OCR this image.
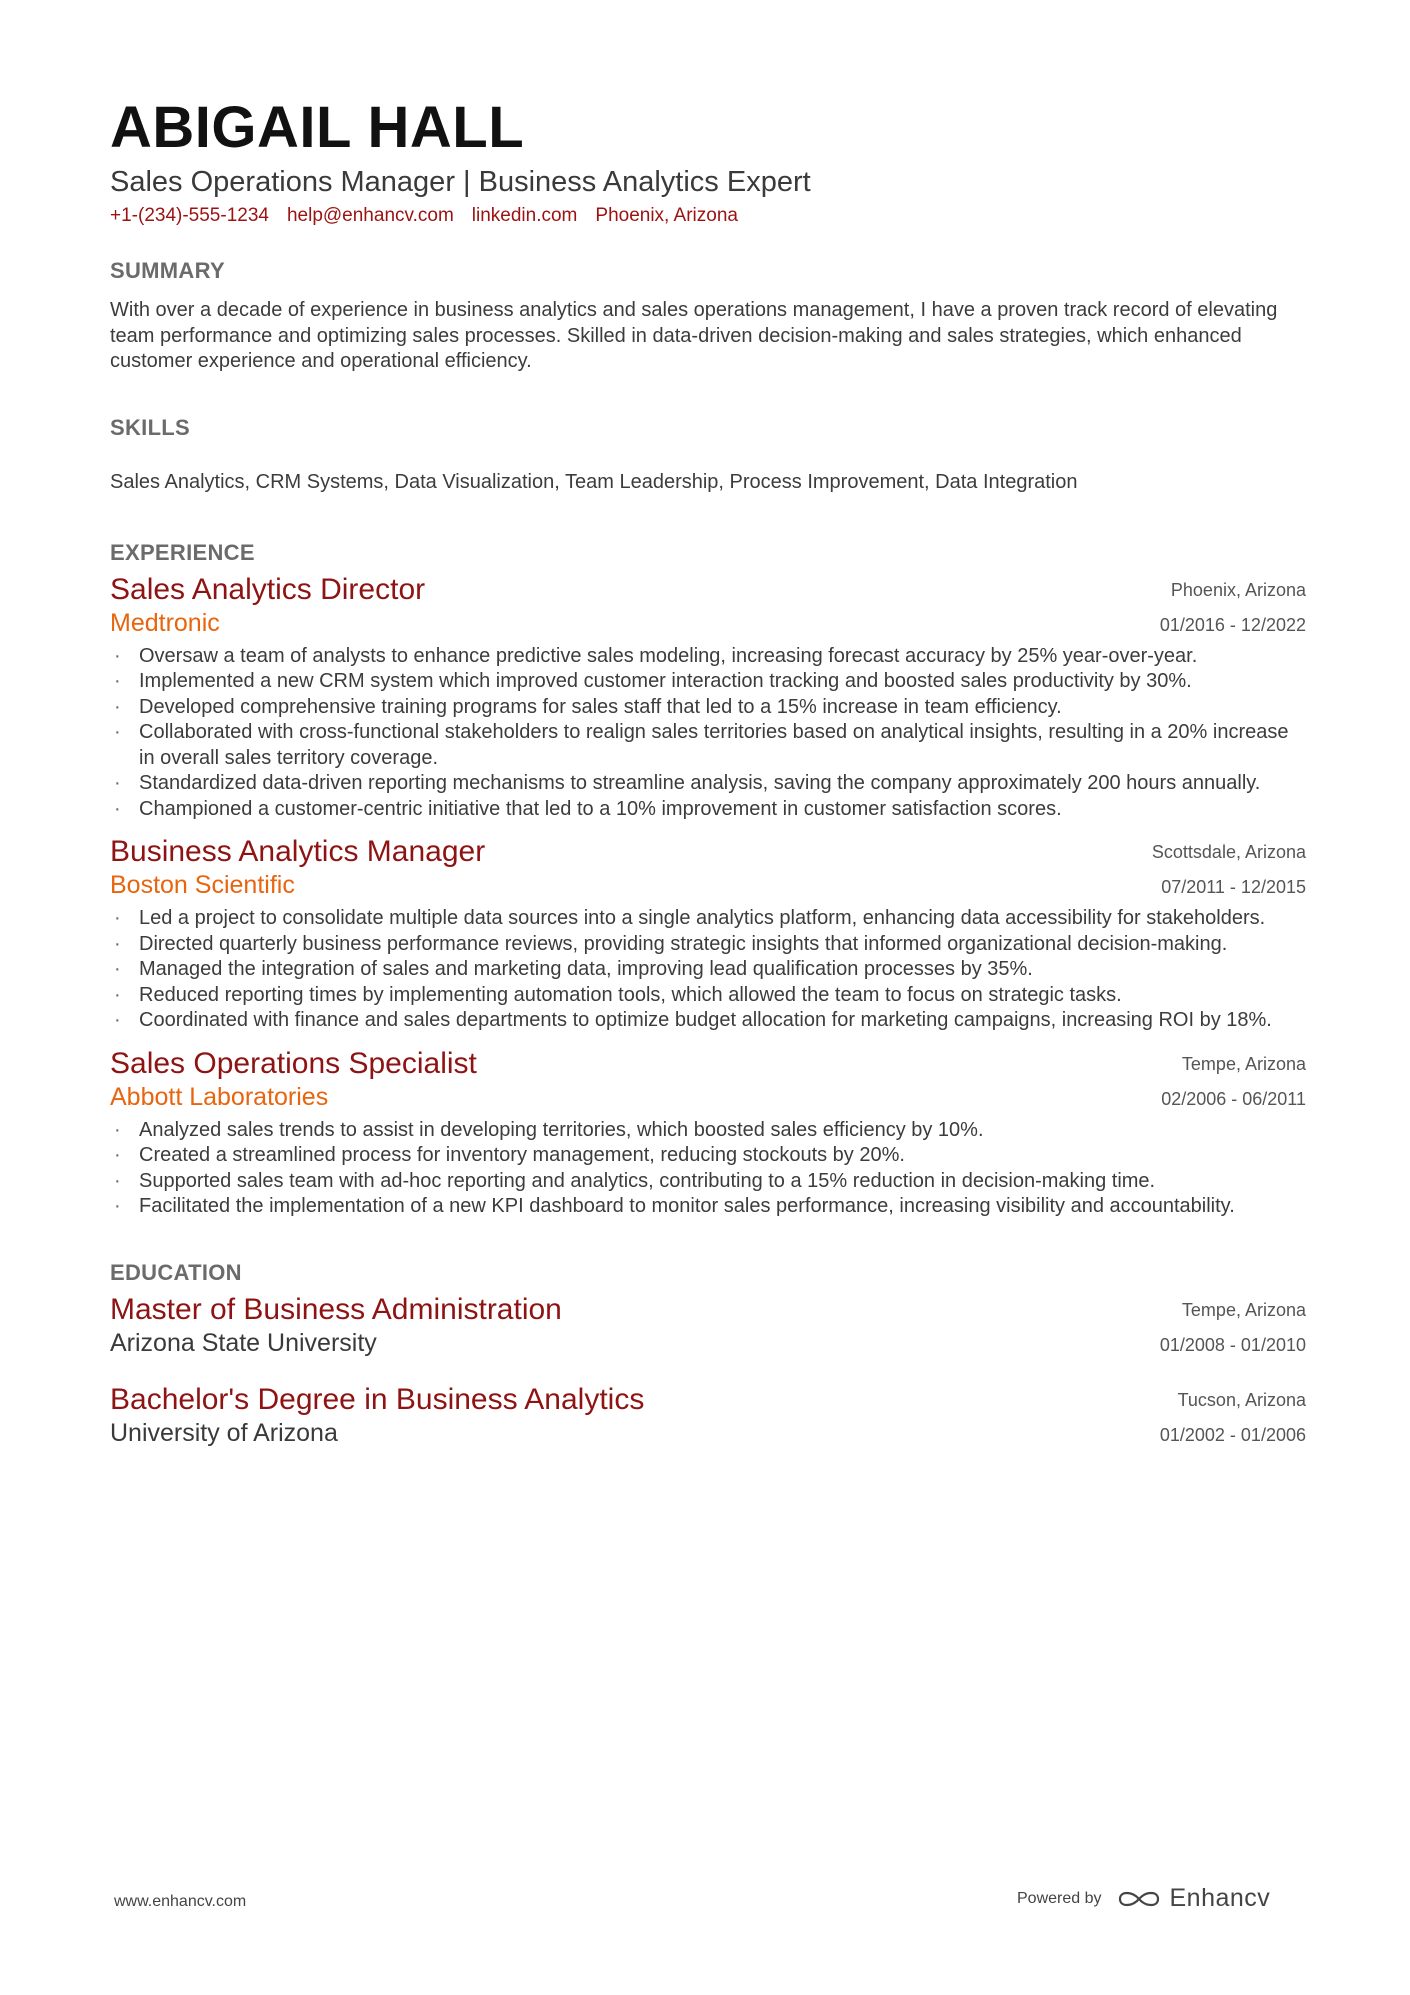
ABIGAIL HALL
Sales Operations Manager | Business Analytics Expert
+1-(234)-555-1234 help@enhancv.com linkedin.com Phoenix, Arizona
SUMMARY
With over a decade of experience in business analytics and sales operations management, I have a proven track record of elevating team performance and optimizing sales processes. Skilled in data-driven decision-making and sales strategies, which enhanced customer experience and operational efficiency.
SKILLS
Sales Analytics, CRM Systems, Data Visualization, Team Leadership, Process Improvement, Data Integration
EXPERIENCE
Sales Analytics Director
Medtronic
Phoenix, Arizona
01/2016 - 12/2022
· Oversaw a team of analysts to enhance predictive sales modeling, increasing forecast accuracy by 25% year-over-year.
· Implemented a new CRM system which improved customer interaction tracking and boosted sales productivity by 30%.
· Developed comprehensive training programs for sales staff that led to a 15% increase in team efficiency.
· Collaborated with cross-functional stakeholders to realign sales territories based on analytical insights, resulting in a 20% increase in overall sales territory coverage.
· Standardized data-driven reporting mechanisms to streamline analysis, saving the company approximately 200 hours annually.
· Championed a customer-centric initiative that led to a 10% improvement in customer satisfaction scores.
Business Analytics Manager
Boston Scientific
Scottsdale, Arizona
07/2011 - 12/2015
· Led a project to consolidate multiple data sources into a single analytics platform, enhancing data accessibility for stakeholders.
· Directed quarterly business performance reviews, providing strategic insights that informed organizational decision-making.
· Managed the integration of sales and marketing data, improving lead qualification processes by 35%.
· Reduced reporting times by implementing automation tools, which allowed the team to focus on strategic tasks.
· Coordinated with finance and sales departments to optimize budget allocation for marketing campaigns, increasing ROI by 18%.
Sales Operations Specialist
Abbott Laboratories
Tempe, Arizona
02/2006 - 06/2011
· Analyzed sales trends to assist in developing territories, which boosted sales efficiency by 10%.
· Created a streamlined process for inventory management, reducing stockouts by 20%.
· Supported sales team with ad-hoc reporting and analytics, contributing to a 15% reduction in decision-making time.
· Facilitated the implementation of a new KPI dashboard to monitor sales performance, increasing visibility and accountability.
EDUCATION
Master of Business Administration
Arizona State University
Tempe, Arizona
01/2008 - 01/2010
Bachelor's Degree in Business Analytics
University of Arizona
Tucson, Arizona
01/2002 - 01/2006
www.enhancv.com	Powered by	Enhancv
